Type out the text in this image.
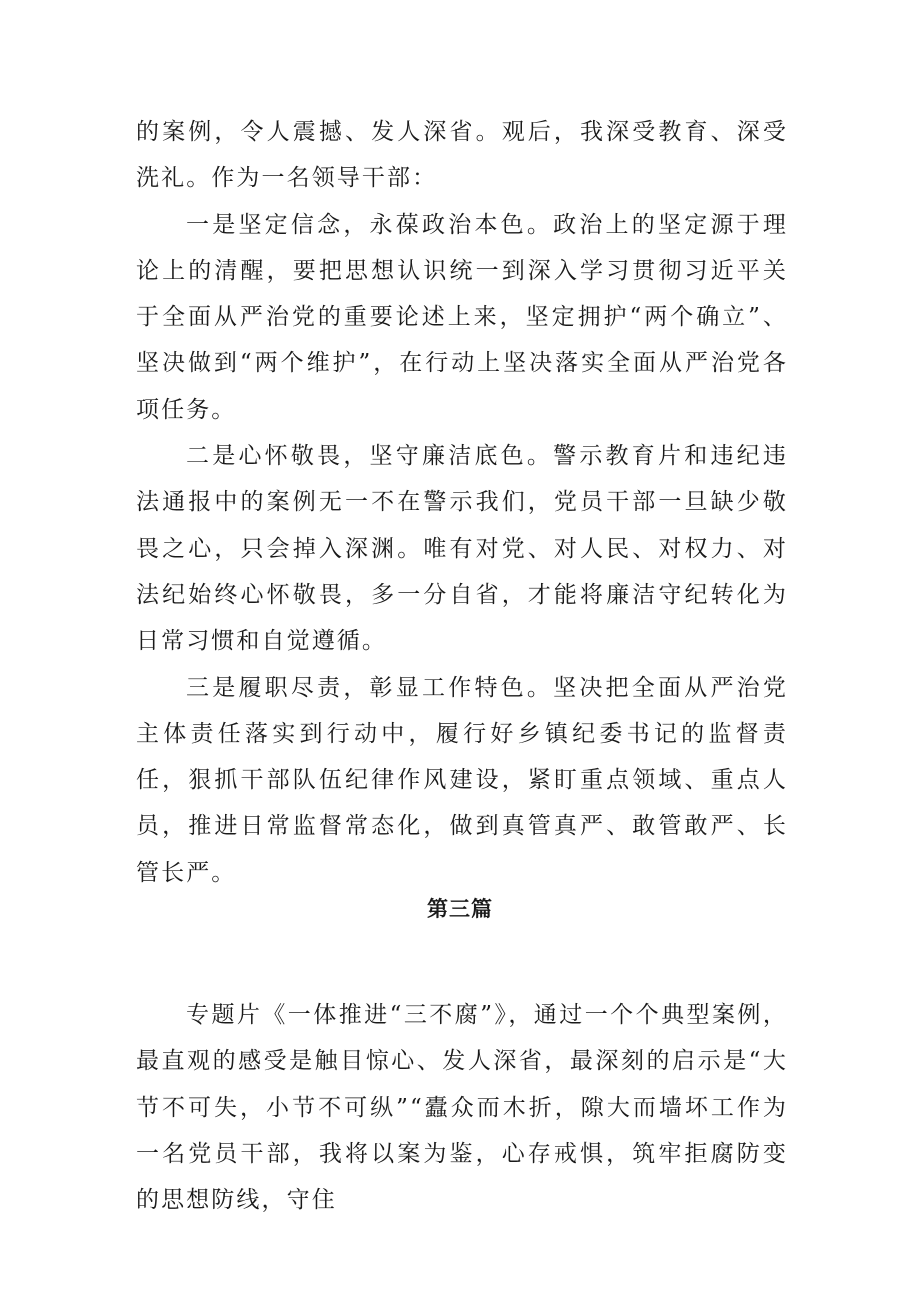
的案例，令人震撼、发人深省。观后，我深受教育、深受洗礼。作为一名领导干部：

一是坚定信念，永葆政治本色。政治上的坚定源于理论上的清醒，要把思想认识统一到深入学习贯彻习近平关于全面从严治党的重要论述上来，坚定拥护“两个确立”、坚决做到“两个维护”，在行动上坚决落实全面从严治党各项任务。

二是心怀敬畏，坚守廉洁底色。警示教育片和违纪违法通报中的案例无一不在警示我们，党员干部一旦缺少敬畏之心，只会掉入深渊。唯有对党、对人民、对权力、对法纪始终心怀敬畏，多一分自省，才能将廉洁守纪转化为日常习惯和自觉遵循。

三是履职尽责，彰显工作特色。坚决把全面从严治党主体责任落实到行动中，履行好乡镇纪委书记的监督责任，狠抓干部队伍纪律作风建设，紧盯重点领域、重点人员，推进日常监督常态化，做到真管真严、敢管敢严、长管长严。

第三篇

专题片《一体推进“三不腐”》，通过一个个典型案例，最直观的感受是触目惊心、发人深省，最深刻的启示是“大节不可失，小节不可纵”“蠹众而木折，隙大而墙坏工作为一名党员干部，我将以案为鉴，心存戒惧，筑牢拒腐防变的思想防线，守住
